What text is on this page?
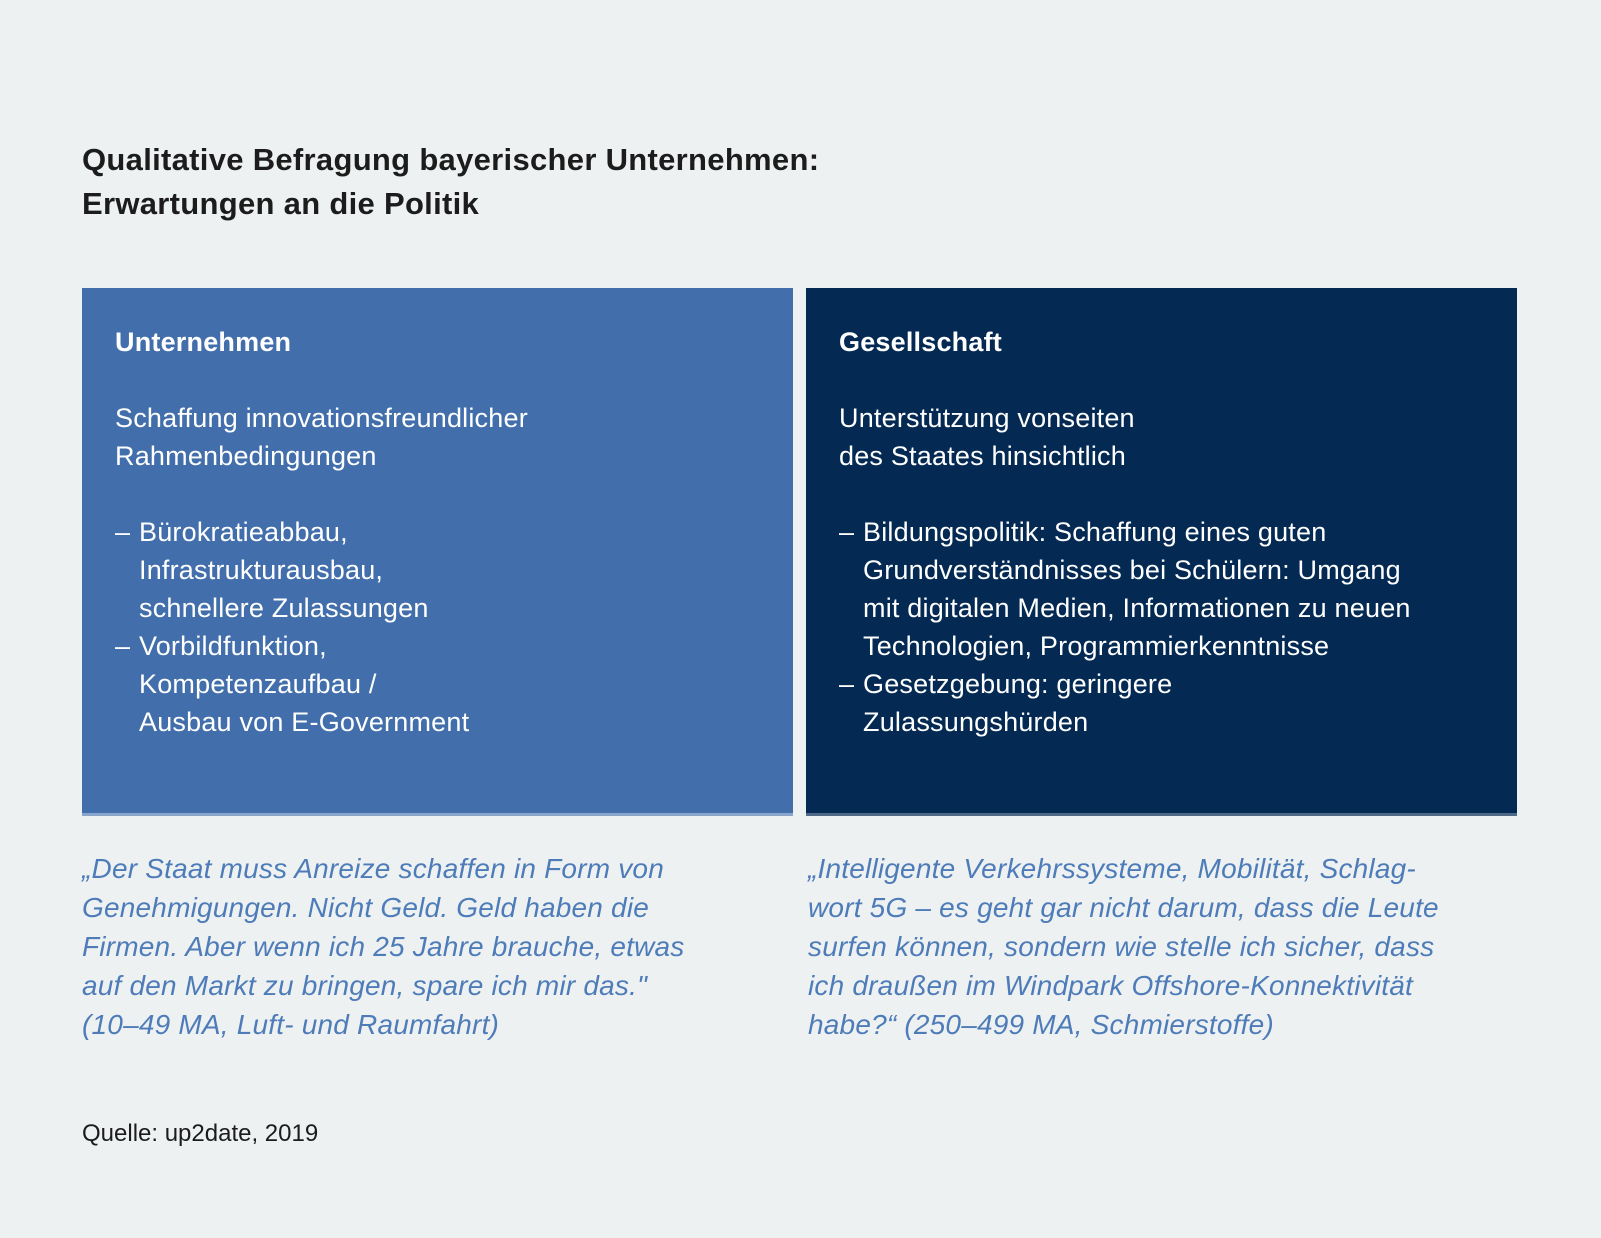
Qualitative Befragung bayerischer Unternehmen:
Erwartungen an die Politik
Unternehmen

Schaffung innovationsfreundlicher
Rahmenbedingungen

– Bürokratieabbau,
Infrastrukturausbau,
schnellere Zulassungen
– Vorbildfunktion,
Kompetenzaufbau /
Ausbau von E-Government
Gesellschaft

Unterstützung vonseiten
des Staates hinsichtlich

– Bildungspolitik: Schaffung eines guten
Grundverständnisses bei Schülern: Umgang
mit digitalen Medien, Informationen zu neuen
Technologien, Programmierkenntnisse
– Gesetzgebung: geringere
Zulassungshürden

„Der Staat muss Anreize schaffen in Form von
Genehmigungen. Nicht Geld. Geld haben die
Firmen. Aber wenn ich 25 Jahre brauche, etwas
auf den Markt zu bringen, spare ich mir das."
(10–49 MA, Luft- und Raumfahrt)

„Intelligente Verkehrssysteme, Mobilität, Schlag-
wort 5G – es geht gar nicht darum, dass die Leute
surfen können, sondern wie stelle ich sicher, dass
ich draußen im Windpark Offshore-Konnektivität
habe?“ (250–499 MA, Schmierstoffe)

Quelle: up2date, 2019
